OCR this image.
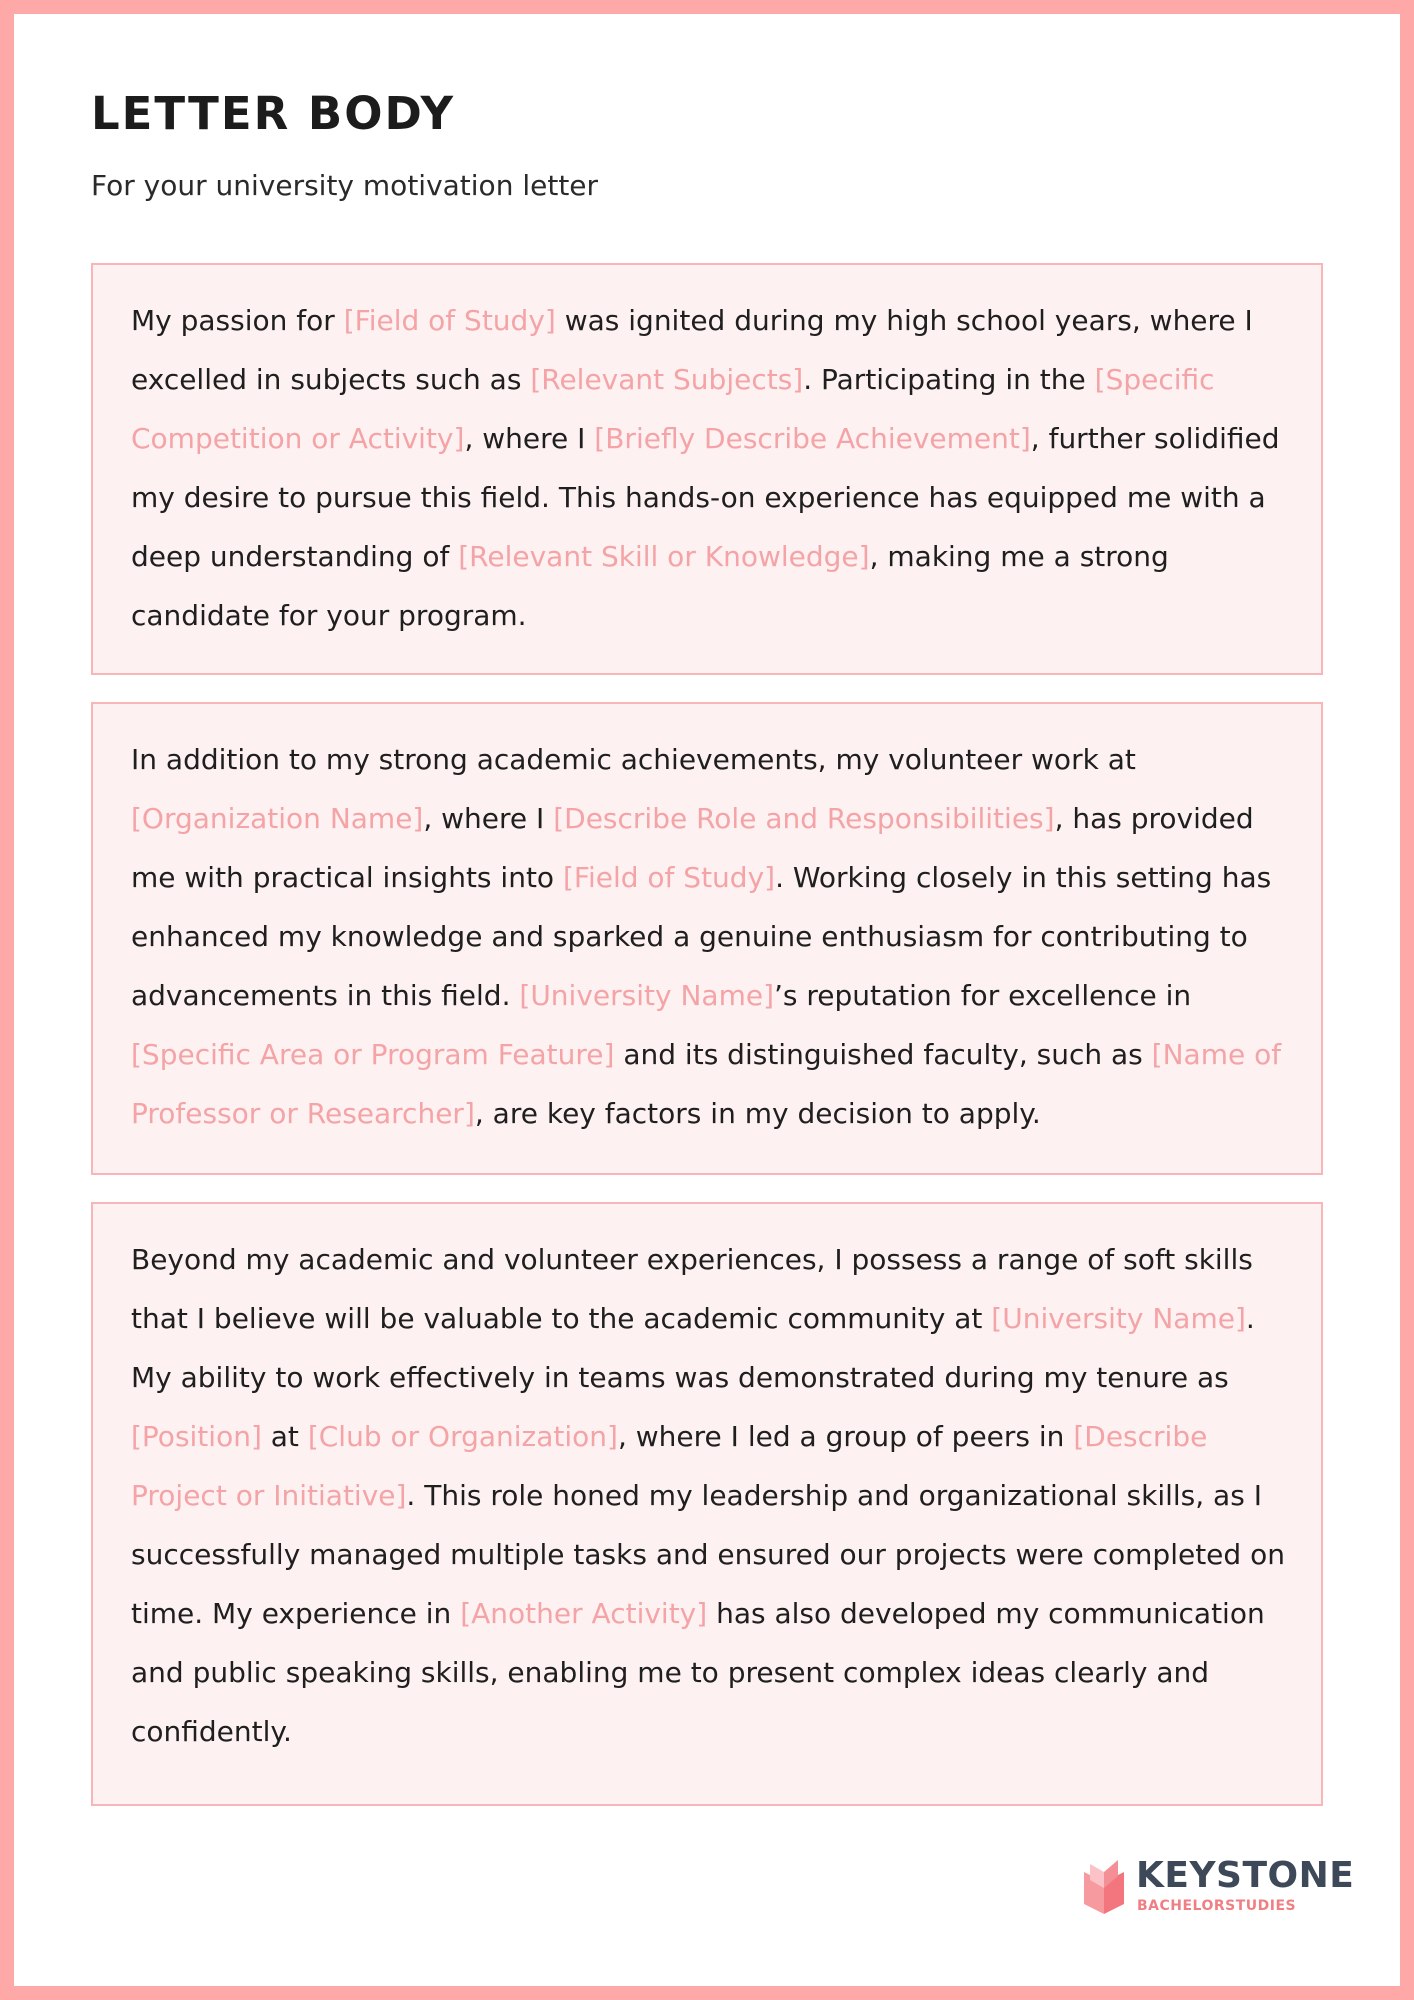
LETTER BODY

For your university motivation letter

My passion for [Field of Study] was ignited during my high school years, where I excelled in subjects such as [Relevant Subjects]. Participating in the [Specific Competition or Activity], where I [Briefly Describe Achievement], further solidified my desire to pursue this field. This hands-on experience has equipped me with a deep understanding of [Relevant Skill or Knowledge], making me a strong candidate for your program.

In addition to my strong academic achievements, my volunteer work at [Organization Name], where I [Describe Role and Responsibilities], has provided me with practical insights into [Field of Study]. Working closely in this setting has enhanced my knowledge and sparked a genuine enthusiasm for contributing to advancements in this field. [University Name]’s reputation for excellence in [Specific Area or Program Feature] and its distinguished faculty, such as [Name of Professor or Researcher], are key factors in my decision to apply.

Beyond my academic and volunteer experiences, I possess a range of soft skills that I believe will be valuable to the academic community at [University Name]. My ability to work effectively in teams was demonstrated during my tenure as [Position] at [Club or Organization], where I led a group of peers in [Describe Project or Initiative]. This role honed my leadership and organizational skills, as I successfully managed multiple tasks and ensured our projects were completed on time. My experience in [Another Activity] has also developed my communication and public speaking skills, enabling me to present complex ideas clearly and confidently.

KEYSTONE
BACHELORSTUDIES
